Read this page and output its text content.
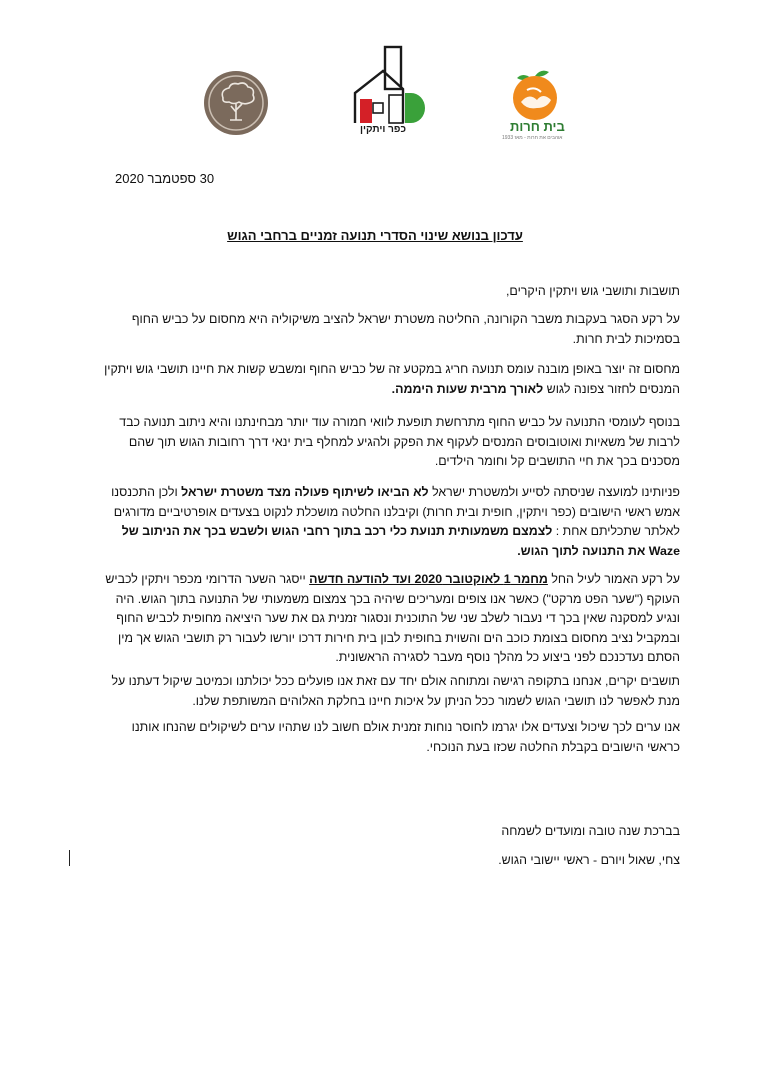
כפר ויתקין	בית חרות
אוהבים את חרות - מאז 1933
30 ספטמבר 2020
עדכון בנושא שינוי הסדרי תנועה זמניים ברחבי הגוש

תושבות ותושבי גוש ויתקין היקרים,

על רקע הסגר בעקבות משבר הקורונה, החליטה משטרת ישראל להציב משיקוליה היא מחסום על כביש החוף בסמיכות לבית חרות.

מחסום זה יוצר באופן מובנה עומס תנועה חריג במקטע זה של כביש החוף ומשבש קשות את חיינו תושבי גוש ויתקין המנסים לחזור צפונה לגוש לאורך מרבית שעות היממה.

בנוסף לעומסי התנועה על כביש החוף מתרחשת תופעת לוואי חמורה עוד יותר מבחינתנו והיא ניתוב תנועה כבד לרבות של משאיות ואוטובוסים המנסים לעקוף את הפקק ולהגיע למחלף בית ינאי דרך רחובות הגוש תוך שהם מסכנים בכך את חיי התושבים קל וחומר הילדים.

פניותינו למועצה שניסתה לסייע ולמשטרת ישראל לא הביאו לשיתוף פעולה מצד משטרת ישראל ולכן התכנסנו אמש ראשי הישובים (כפר ויתקין, חופית ובית חרות) וקיבלנו החלטה מושכלת לנקוט בצעדים אופרטיביים מדורגים לאלתר שתכליתם אחת : לצמצם משמעותית תנועת כלי רכב בתוך רחבי הגוש ולשבש בכך את הניתוב של Waze את התנועה לתוך הגוש.

על רקע האמור לעיל החל מחמר 1 לאוקטובר 2020 ועד להודעה חדשה ייסגר השער הדרומי מכפר ויתקין לכביש העוקף ("שער הפט מרקט") כאשר אנו צופים ומעריכים שיהיה בכך צמצום משמעותי של התנועה בתוך הגוש. היה ונגיע למסקנה שאין בכך די נעבור לשלב שני של התוכנית ונסגור זמנית גם את שער היציאה מחופית לכביש החוף ובמקביל נציב מחסום בצומת כוכב הים והשוית בחופית לבון בית חירות דרכו יורשו לעבור רק תושבי הגוש אך מין הסתם נעדכנכם לפני ביצוע כל מהלך נוסף מעבר לסגירה הראשונית.

תושבים יקרים, אנחנו בתקופה רגישה ומתוחה אולם יחד עם זאת אנו פועלים ככל יכולתנו וכמיטב שיקול דעתנו על מנת לאפשר לנו תושבי הגוש לשמור ככל הניתן על איכות חיינו בחלקת האלוהים המשותפת שלנו.

אנו ערים לכך שיכול וצעדים אלו יגרמו לחוסר נוחות זמנית אולם חשוב לנו שתהיו ערים לשיקולים שהנחו אותנו כראשי הישובים בקבלת החלטה שכזו בעת הנוכחי.

בברכת שנה טובה ומועדים לשמחה

צחי, שאול ויורם - ראשי יישובי הגוש.
